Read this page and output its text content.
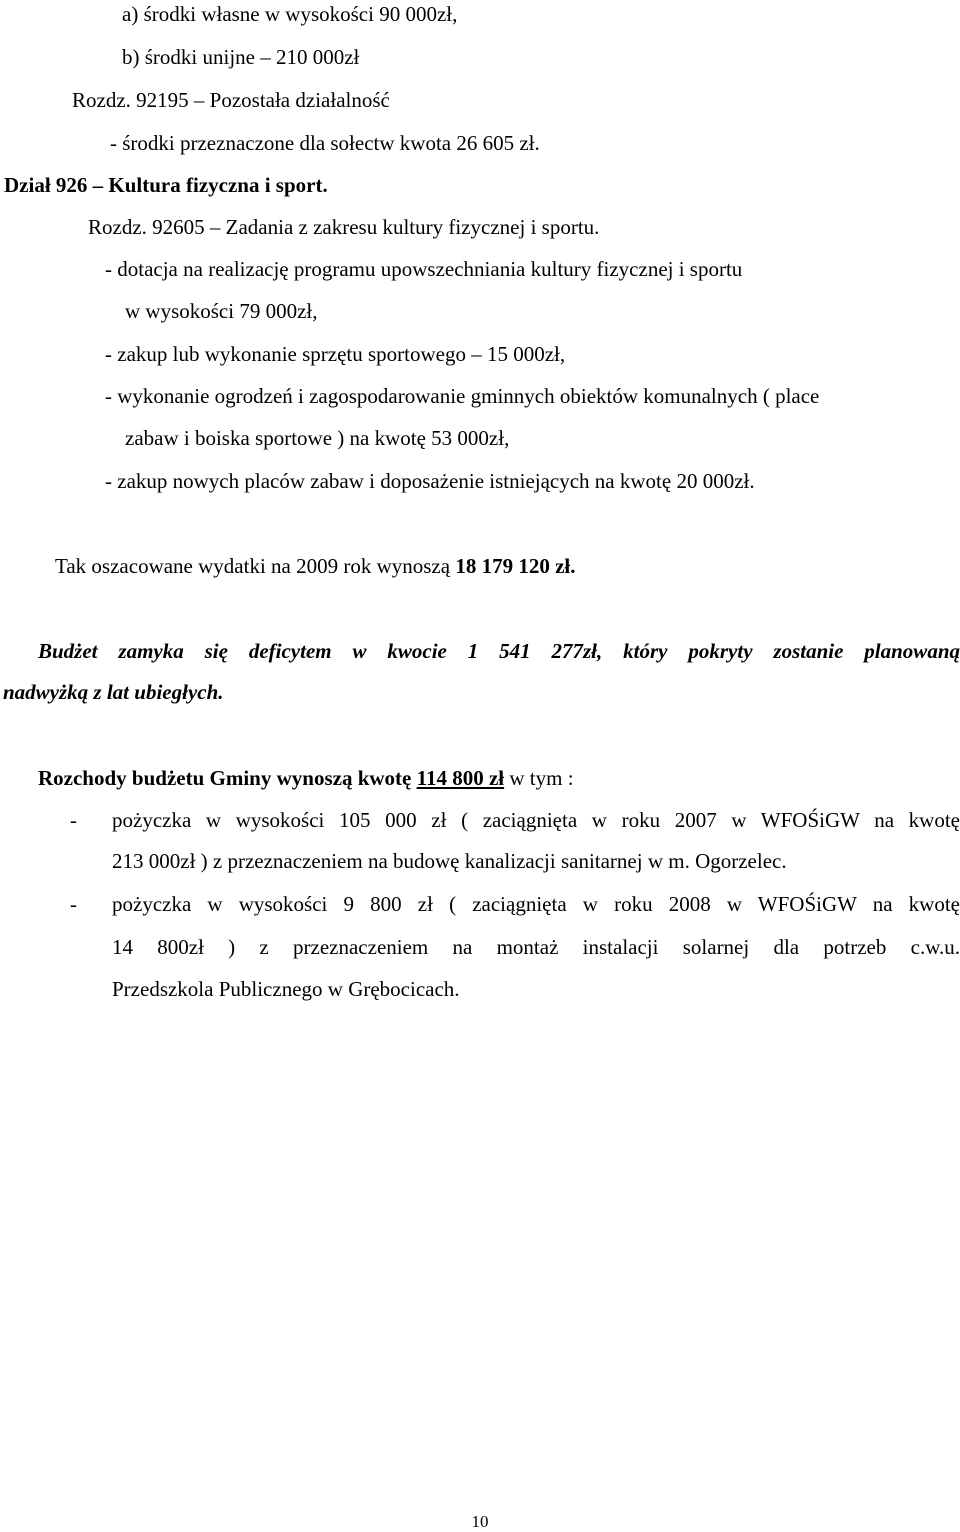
a) środki własne w wysokości 90 000zł,
b) środki unijne – 210 000zł
Rozdz. 92195 – Pozostała działalność
- środki przeznaczone dla sołectw kwota 26 605 zł.
Dział 926 – Kultura fizyczna i sport.
Rozdz. 92605 – Zadania z zakresu kultury fizycznej i sportu.
- dotacja na realizację programu upowszechniania kultury fizycznej i sportu
w wysokości 79 000zł,
- zakup lub wykonanie sprzętu sportowego – 15 000zł,
- wykonanie ogrodzeń i zagospodarowanie gminnych obiektów komunalnych ( place
zabaw i boiska sportowe ) na kwotę 53 000zł,
- zakup nowych placów zabaw i doposażenie istniejących na kwotę 20 000zł.
Tak oszacowane wydatki na 2009 rok wynoszą 18 179 120 zł.
Budżet zamyka się deficytem w kwocie 1 541 277zł, który pokryty zostanie planowaną
nadwyżką z lat ubiegłych.
Rozchody budżetu Gminy wynoszą kwotę 114 800 zł w tym :
- pożyczka w wysokości 105 000 zł ( zaciągnięta w roku 2007 w WFOŚiGW na kwotę
213 000zł ) z przeznaczeniem na budowę kanalizacji sanitarnej w m. Ogorzelec.
- pożyczka w wysokości 9 800 zł ( zaciągnięta w roku 2008 w WFOŚiGW na kwotę
14 800zł ) z przeznaczeniem na montaż instalacji solarnej dla potrzeb c.w.u.
Przedszkola Publicznego w Grębocicach.
10
